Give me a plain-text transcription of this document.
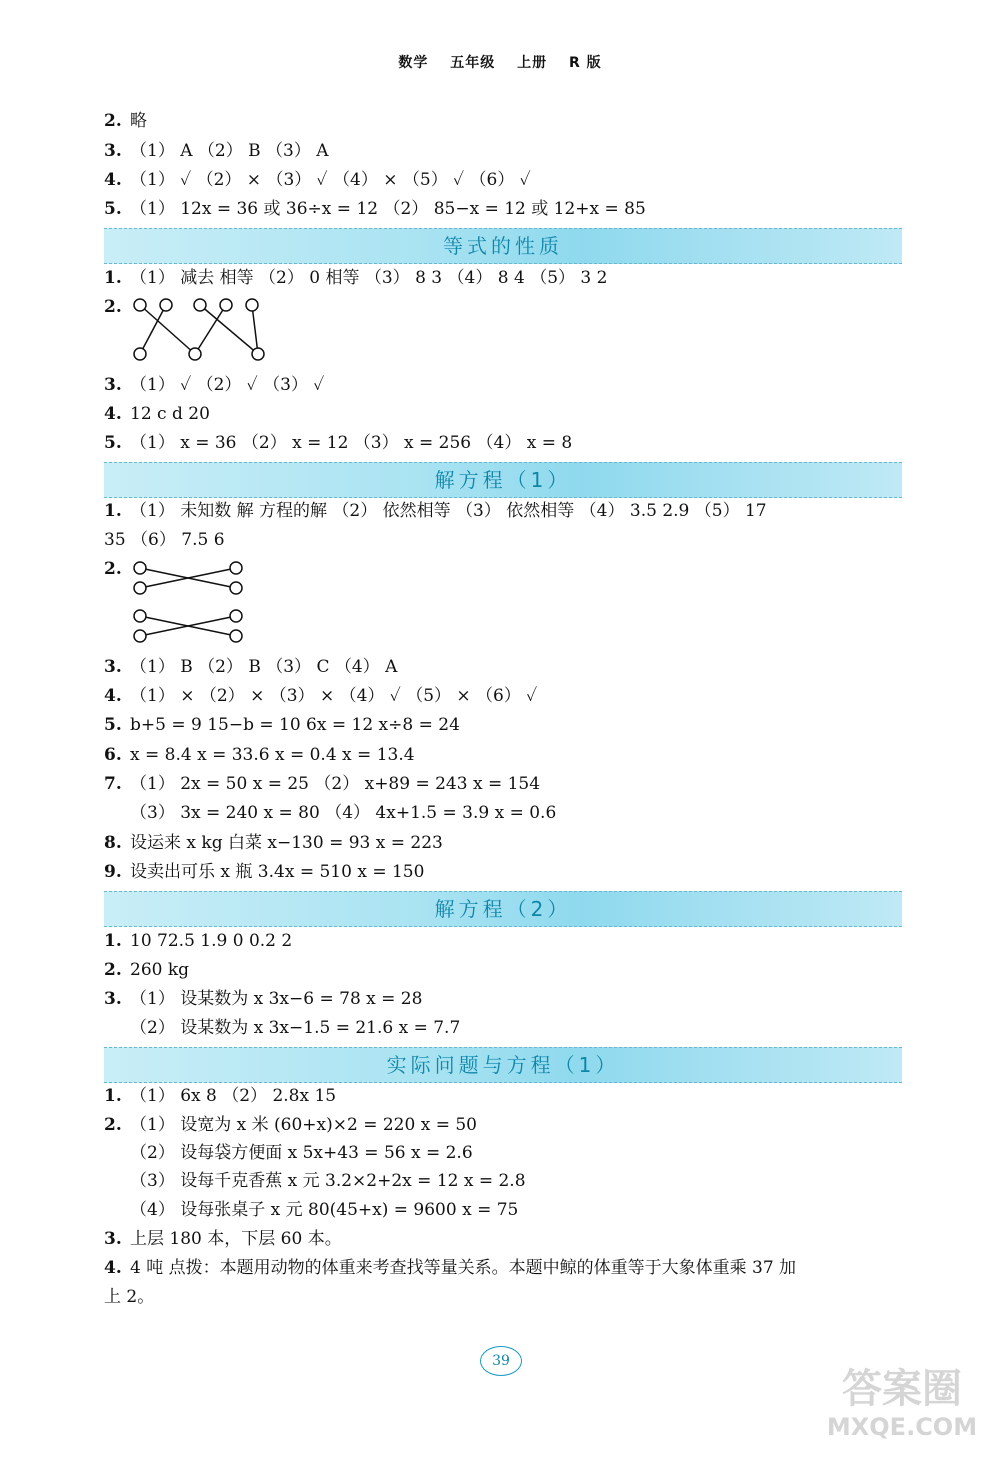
数学 五年级 上册 R 版
2. 略
3. （1） A （2） B （3） A
4. （1） ✓ （2） × （3） ✓ （4） × （5） ✓ （6） ✓
5. （1） 12x = 36 或 36÷x = 12 （2） 85−x = 12 或 12+x = 85
等式的性质
1. （1） 减去 相等 （2） 0 相等 （3） 8 3 （4） 8 4 （5） 3 2
2.
3. （1） ✓ （2） ✓ （3） ✓
4. 12 c d 20
5. （1） x = 36 （2） x = 12 （3） x = 256 （4） x = 8
解方程（1）
1. （1） 未知数 解 方程的解 （2） 依然相等 （3） 依然相等 （4） 3.5 2.9 （5） 17
35 （6） 7.5 6
2.
3. （1） B （2） B （3） C （4） A
4. （1） × （2） × （3） × （4） ✓ （5） × （6） ✓
5. b+5 = 9 15−b = 10 6x = 12 x÷8 = 24
6. x = 8.4 x = 33.6 x = 0.4 x = 13.4
7. （1） 2x = 50 x = 25 （2） x+89 = 243 x = 154
（3） 3x = 240 x = 80 （4） 4x+1.5 = 3.9 x = 0.6
8. 设运来 x kg 白菜 x−130 = 93 x = 223
9. 设卖出可乐 x 瓶 3.4x = 510 x = 150
解方程（2）
1. 10 72.5 1.9 0 0.2 2
2. 260 kg
3. （1） 设某数为 x 3x−6 = 78 x = 28
（2） 设某数为 x 3x−1.5 = 21.6 x = 7.7
实际问题与方程（1）
1. （1） 6x 8 （2） 2.8x 15
2. （1） 设宽为 x 米 (60+x)×2 = 220 x = 50
（2） 设每袋方便面 x 5x+43 = 56 x = 2.6
（3） 设每千克香蕉 x 元 3.2×2+2x = 12 x = 2.8
（4） 设每张桌子 x 元 80(45+x) = 9600 x = 75
3. 上层 180 本，下层 60 本。
4. 4 吨 点拨：本题用动物的体重来考查找等量关系。本题中鲸的体重等于大象体重乘 37 加
上 2。
39
答案圈
MXQE.COM
